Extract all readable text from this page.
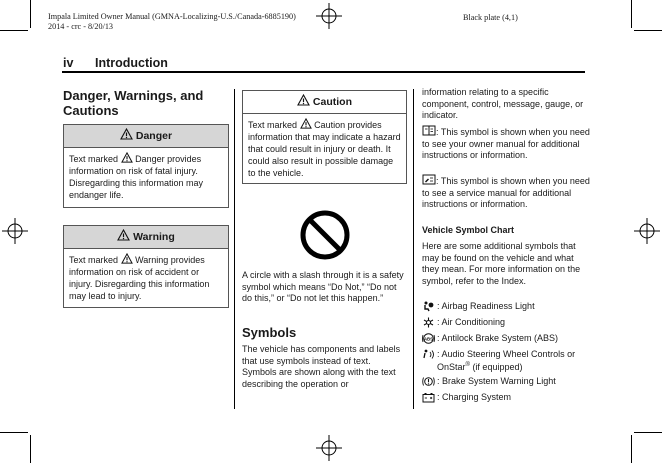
Impala Limited Owner Manual (GMNA-Localizing-U.S./Canada-6885190)
2014 - crc - 8/20/13
Black plate (4,1)
iv Introduction
Danger, Warnings, and Cautions
Danger
Text marked Danger provides information on risk of fatal injury. Disregarding this information may endanger life.
Warning
Text marked Warning provides information on risk of accident or injury. Disregarding this information may lead to injury.
Caution
Text marked Caution provides information that may indicate a hazard that could result in injury or death. It could also result in possible damage to the vehicle.
A circle with a slash through it is a safety symbol which means “Do Not,” “Do not do this,” or “Do not let this happen.”
Symbols
The vehicle has components and labels that use symbols instead of text. Symbols are shown along with the text describing the operation or
information relating to a specific component, control, message, gauge, or indicator.
: This symbol is shown when you need to see your owner manual for additional instructions or information.
: This symbol is shown when you need to see a service manual for additional instructions or information.
Vehicle Symbol Chart
Here are some additional symbols that may be found on the vehicle and what they mean. For more information on the symbol, refer to the Index.
: Airbag Readiness Light
: Air Conditioning
ABS : Antilock Brake System (ABS)
: Audio Steering Wheel Controls or OnStar® (if equipped)
: Brake System Warning Light
: Charging System
